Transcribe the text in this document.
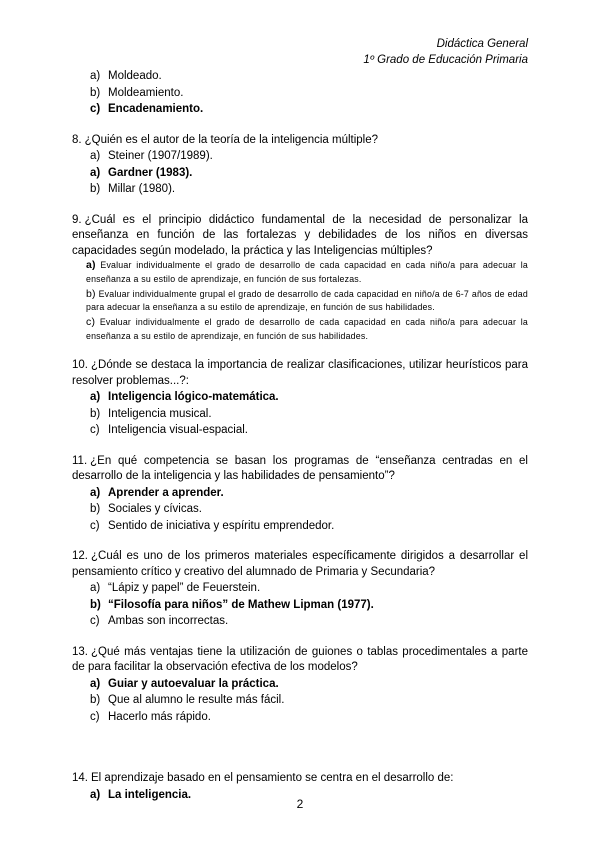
Didáctica General
1º Grado de Educación Primaria
a) Moldeado.
b) Moldeamiento.
c) Encadenamiento.
8. ¿Quién es el autor de la teoría de la inteligencia múltiple?
a) Steiner (1907/1989).
a) Gardner (1983).
b) Millar (1980).
9. ¿Cuál es el principio didáctico fundamental de la necesidad de personalizar la enseñanza en función de las fortalezas y debilidades de los niños en diversas capacidades según modelado, la práctica y las Inteligencias múltiples?
a) Evaluar individualmente el grado de desarrollo de cada capacidad en cada niño/a para adecuar la enseñanza a su estilo de aprendizaje, en función de sus fortalezas.
b) Evaluar individualmente grupal el grado de desarrollo de cada capacidad en niño/a de 6-7 años de edad para adecuar la enseñanza a su estilo de aprendizaje, en función de sus habilidades.
c) Evaluar individualmente el grado de desarrollo de cada capacidad en cada niño/a para adecuar la enseñanza a su estilo de aprendizaje, en función de sus habilidades.
10. ¿Dónde se destaca la importancia de realizar clasificaciones, utilizar heurísticos para resolver problemas...?:
a) Inteligencia lógico-matemática.
b) Inteligencia musical.
c) Inteligencia visual-espacial.
11. ¿En qué competencia se basan los programas de “enseñanza centradas en el desarrollo de la inteligencia y las habilidades de pensamiento”?
a) Aprender a aprender.
b) Sociales y cívicas.
c) Sentido de iniciativa y espíritu emprendedor.
12. ¿Cuál es uno de los primeros materiales específicamente dirigidos a desarrollar el pensamiento crítico y creativo del alumnado de Primaria y Secundaria?
a) “Lápiz y papel” de Feuerstein.
b) “Filosofía para niños” de Mathew Lipman (1977).
c) Ambas son incorrectas.
13. ¿Qué más ventajas tiene la utilización de guiones o tablas procedimentales a parte de para facilitar la observación efectiva de los modelos?
a) Guiar y autoevaluar la práctica.
b) Que al alumno le resulte más fácil.
c) Hacerlo más rápido.
14. El aprendizaje basado en el pensamiento se centra en el desarrollo de:
a) La inteligencia.
2
